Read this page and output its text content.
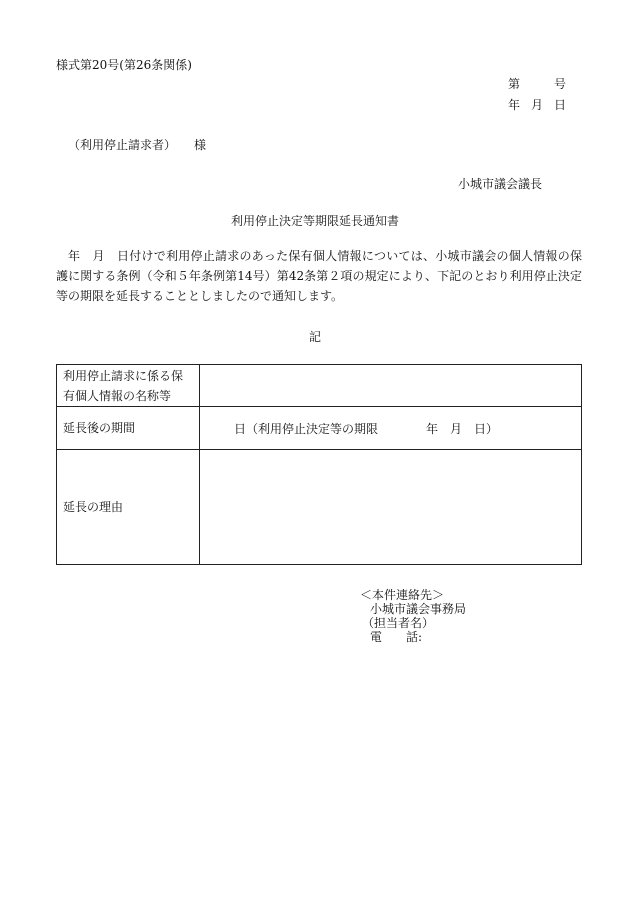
様式第20号(第26条関係)
第	号
年 月 日
（利用停止請求者） 様
小城市議会議長
利用停止決定等期限延長通知書
年　月　日付けで利用停止請求のあった保有個人情報については、小城市議会の個人情報の保護に関する条例（令和５年条例第14号）第42条第２項の規定により、下記のとおり利用停止決定等の期限を延長することとしましたので通知します。
記
利用停止請求に係る保有個人情報の名称等	
延長後の期間	日（利用停止決定等の期限　　　　年　月　日）
延長の理由	
＜本件連絡先＞
小城市議会事務局
（担当者名）
電 話:
